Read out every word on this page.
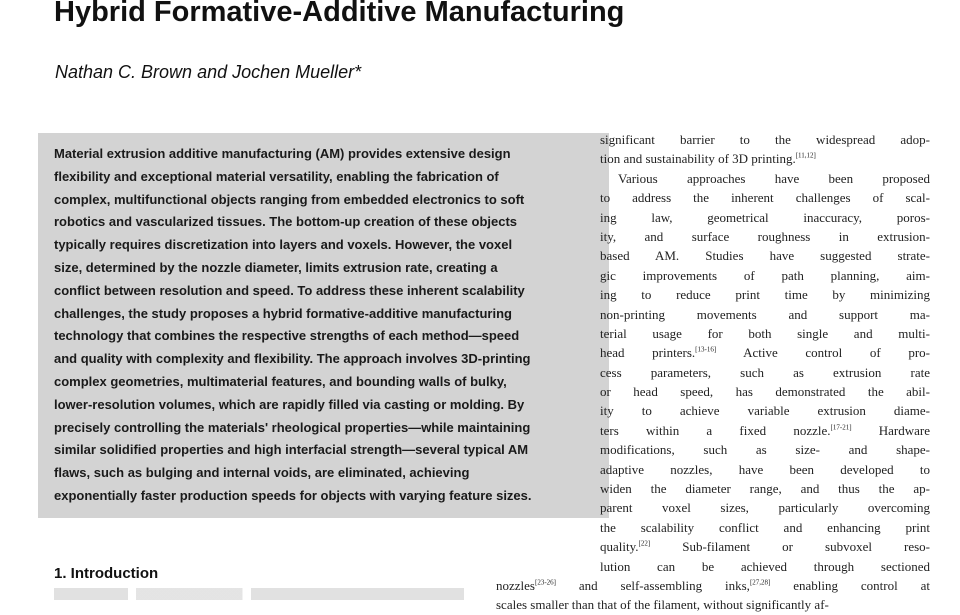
Hybrid Formative-Additive Manufacturing
Nathan C. Brown and Jochen Mueller*
Material extrusion additive manufacturing (AM) provides extensive design
flexibility and exceptional material versatility, enabling the fabrication of
complex, multifunctional objects ranging from embedded electronics to soft
robotics and vascularized tissues. The bottom-up creation of these objects
typically requires discretization into layers and voxels. However, the voxel
size, determined by the nozzle diameter, limits extrusion rate, creating a
conflict between resolution and speed. To address these inherent scalability
challenges, the study proposes a hybrid formative-additive manufacturing
technology that combines the respective strengths of each method—speed
and quality with complexity and flexibility. The approach involves 3D-printing
complex geometries, multimaterial features, and bounding walls of bulky,
lower-resolution volumes, which are rapidly filled via casting or molding. By
precisely controlling the materials' rheological properties—while maintaining
similar solidified properties and high interfacial strength—several typical AM
flaws, such as bulging and internal voids, are eliminated, achieving
exponentially faster production speeds for objects with varying feature sizes.
1. Introduction
significant barrier to the widespread adop-
tion and sustainability of 3D printing.[11,12]
Various approaches have been proposed
to address the inherent challenges of scal-
ing law, geometrical inaccuracy, poros-
ity, and surface roughness in extrusion-
based AM. Studies have suggested strate-
gic improvements of path planning, aim-
ing to reduce print time by minimizing
non-printing movements and support ma-
terial usage for both single and multi-
head printers.[13-16] Active control of pro-
cess parameters, such as extrusion rate
or head speed, has demonstrated the abil-
ity to achieve variable extrusion diame-
ters within a fixed nozzle.[17-21] Hardware
modifications, such as size- and shape-
adaptive nozzles, have been developed to
widen the diameter range, and thus the ap-
parent voxel sizes, particularly overcoming
the scalability conflict and enhancing print
quality.[22] Sub-filament or subvoxel reso-
lution can be achieved through sectioned
nozzles[23-26] and self-assembling inks,[27,28] enabling control at
scales smaller than that of the filament, without significantly af-
